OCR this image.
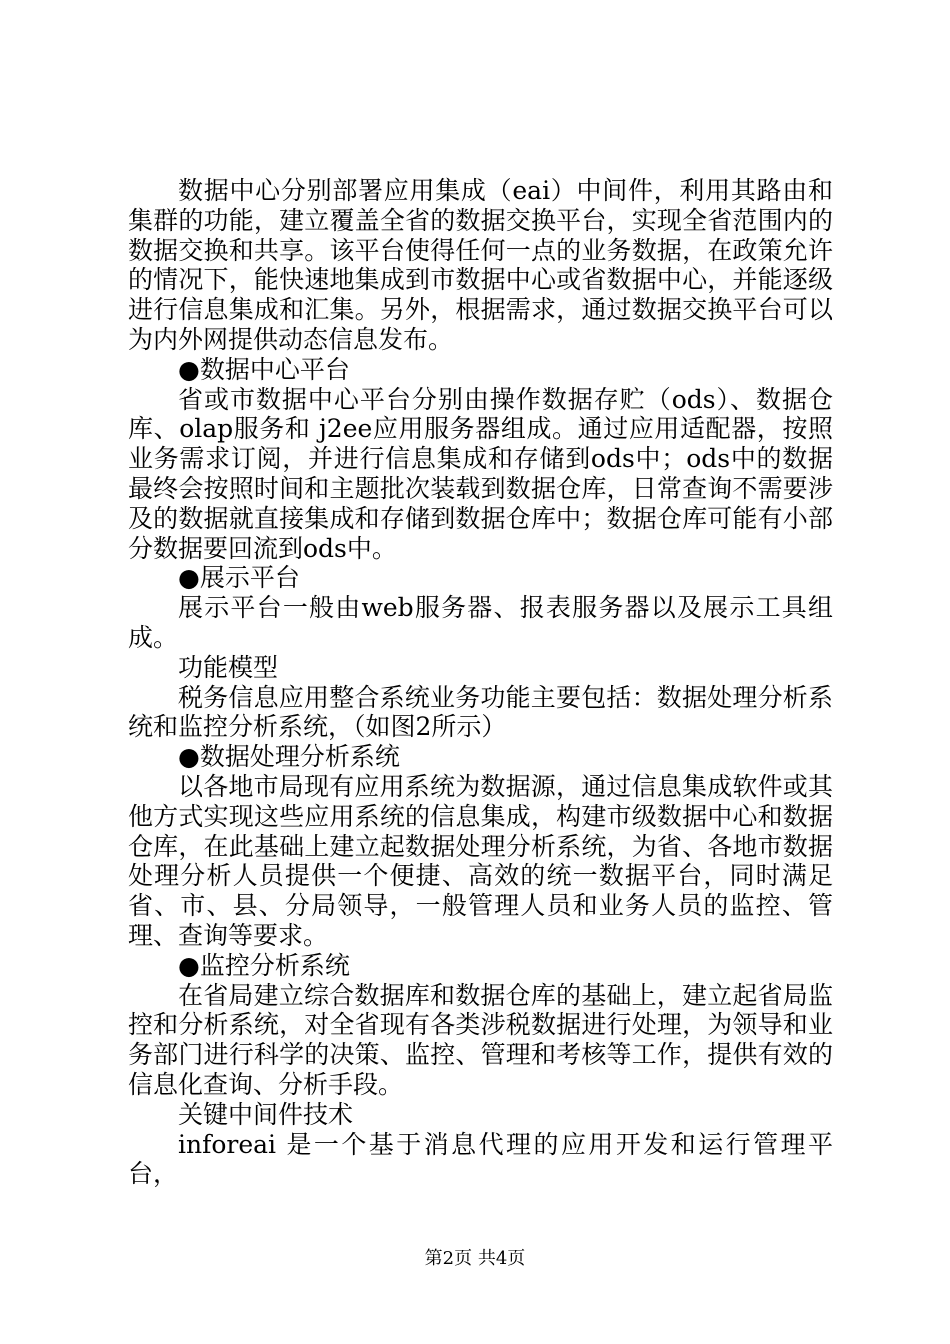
数据中心分别部署应用集成（eai）中间件，利用其路由和集群的功能，建立覆盖全省的数据交换平台，实现全省范围内的数据交换和共享。该平台使得任何一点的业务数据，在政策允许的情况下，能快速地集成到市数据中心或省数据中心，并能逐级进行信息集成和汇集。另外，根据需求，通过数据交换平台可以为内外网提供动态信息发布。

●数据中心平台

省或市数据中心平台分别由操作数据存贮（ods）、数据仓库、olap服务和 j2ee应用服务器组成。通过应用适配器，按照业务需求订阅，并进行信息集成和存储到ods中；ods中的数据最终会按照时间和主题批次装载到数据仓库，日常查询不需要涉及的数据就直接集成和存储到数据仓库中；数据仓库可能有小部分数据要回流到ods中。

●展示平台

展示平台一般由web服务器、报表服务器以及展示工具组成。

功能模型

税务信息应用整合系统业务功能主要包括：数据处理分析系统和监控分析系统，（如图2所示）

●数据处理分析系统

以各地市局现有应用系统为数据源，通过信息集成软件或其他方式实现这些应用系统的信息集成，构建市级数据中心和数据仓库，在此基础上建立起数据处理分析系统，为省、各地市数据处理分析人员提供一个便捷、高效的统一数据平台，同时满足省、市、县、分局领导，一般管理人员和业务人员的监控、管理、查询等要求。

●监控分析系统

在省局建立综合数据库和数据仓库的基础上，建立起省局监控和分析系统，对全省现有各类涉税数据进行处理，为领导和业务部门进行科学的决策、监控、管理和考核等工作，提供有效的信息化查询、分析手段。

关键中间件技术

inforeai 是一个基于消息代理的应用开发和运行管理平台，

第2页 共4页
